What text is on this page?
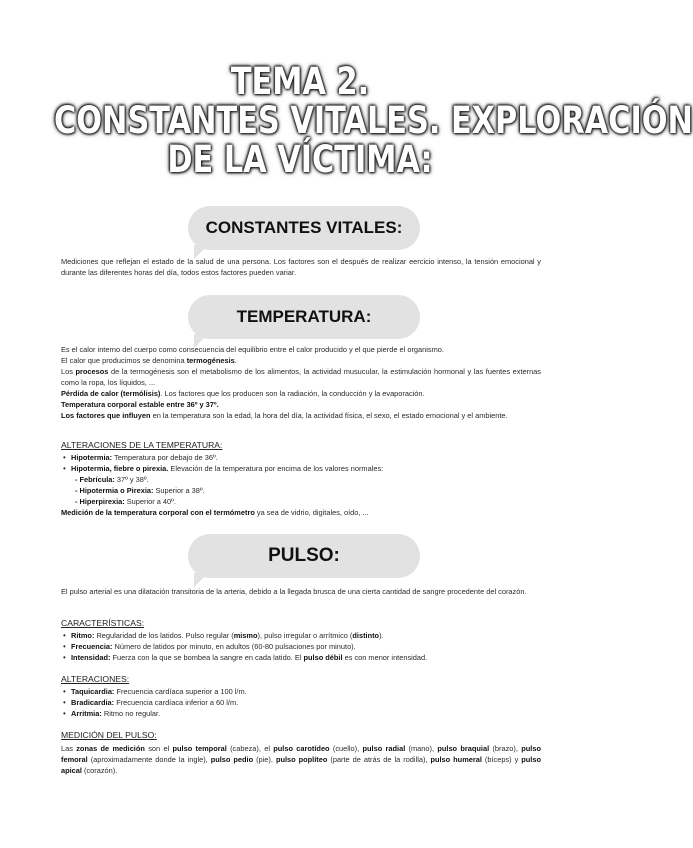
TEMA 2.
CONSTANTES VITALES. EXPLORACIÓN
DE LA VÍCTIMA:
CONSTANTES VITALES:

Mediciones que reflejan el estado de la salud de una persona. Los factores son el después de realizar eercicio intenso, la tensión emocional y durante las diferentes horas del día, todos estos factores pueden variar.

TEMPERATURA:

Es el calor interno del cuerpo como consecuencia del equilibrio entre el calor producido y el que pierde el organismo.

El calor que producimos se denomina termogénesis.

Los procesos de la termogénesis son el metabolismo de los alimentos, la actividad musucular, la estimulación hormonal y las fuentes externas como la ropa, los líquidos, ...

Pérdida de calor (termólisis). Los factores que los producen son la radiación, la conducción y la evaporación.

Temperatura corporal estable entre 36º y 37º.

Los factores que influyen en la temperatura son la edad, la hora del día, la actividad física, el sexo, el estado emocional y el ambiente.

ALTERACIONES DE LA TEMPERATURA:
• Hipotermia: Temperatura por debajo de 36º.
• Hipotermia, fiebre o pirexia. Elevación de la temperatura por encima de los valores normales:

- Febrícula: 37º y 38º.

- Hipotermia o Pirexia: Superior a 38º.

- Hiperpirexia: Superior a 40º.

Medición de la temperatura corporal con el termómetro ya sea de vidrio, digitales, oído, ...

PULSO:

El pulso arterial es una dilatación transitoria de la arteria, debido a la llegada brusca de una cierta cantidad de sangre procedente del corazón.

CARACTERÍSTICAS:
• Ritmo: Regularidad de los latidos. Pulso regular (mismo), pulso irregular o arrítmico (distinto).
• Frecuencia: Número de latidos por minuto, en adultos (60-80 pulsaciones por minuto).
• Intensidad: Fuerza con la que se bombea la sangre en cada latido. El pulso débil es con menor intensidad.
ALTERACIONES:
• Taquicardia: Frecuencia cardíaca superior a 100 l/m.
• Bradicardia: Frecuencia cardíaca inferior a 60 l/m.
• Arritmia: Ritmo no regular.
MEDICIÓN DEL PULSO:

Las zonas de medición son el pulso temporal (cabeza), el pulso carotídeo (cuello), pulso radial (mano), pulso braquial (brazo), pulso femoral (aproximadamente donde la ingle), pulso pedio (pie), pulso poplíteo (parte de atrás de la rodilla), pulso humeral (bíceps) y pulso apical (corazón).
